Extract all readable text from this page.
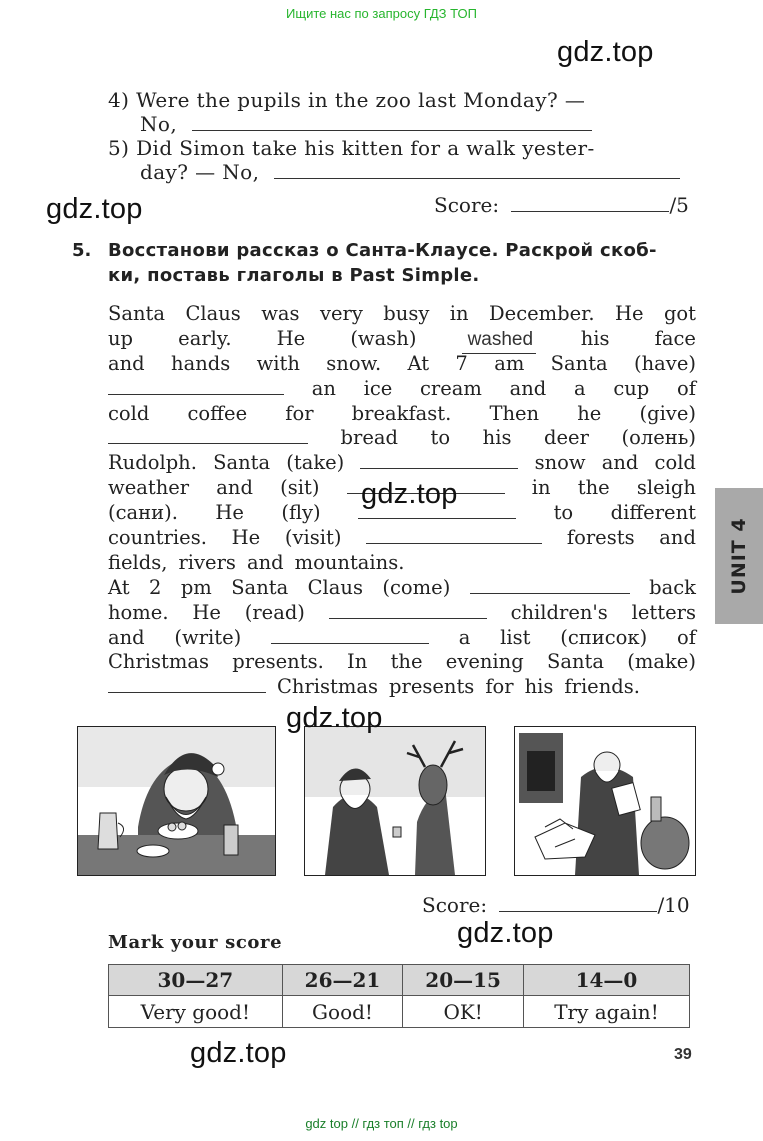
Ищите нас по запросу ГДЗ ТОП
gdz.top
gdz.top
gdz.top
gdz.top
gdz.top
gdz.top
4) Were the pupils in the zoo last Monday? —
No,
5) Did Simon take his kitten for a walk yester-
day? — No,
Score:	/5
5. Восстанови рассказ о Санта-Клаусе. Раскрой скоб-
ки, поставь глаголы в Past Simple.
Santa Claus was very busy in December. He got
up early. He (wash)	washed his face
and hands with snow. At 7 am Santa (have)
an ice cream and a cup of
cold coffee for breakfast. Then he (give)
bread to his deer (олень)
Rudolph. Santa (take)	snow and cold
weather and (sit)	in the sleigh
(сани). He (fly)	to different
countries. He (visit)	forests and
fields, rivers and mountains.
At 2 pm Santa Claus (come)	back
home. He (read)	children's letters
and (write)	a list (список) of
Christmas presents. In the evening Santa (make)
Christmas presents for his friends.
Score:	/10
Mark your score
30—27	26—21	20—15	14—0
Very good!	Good!	OK!	Try again!
UNIT 4
39
gdz top // гдз топ // гдз top
